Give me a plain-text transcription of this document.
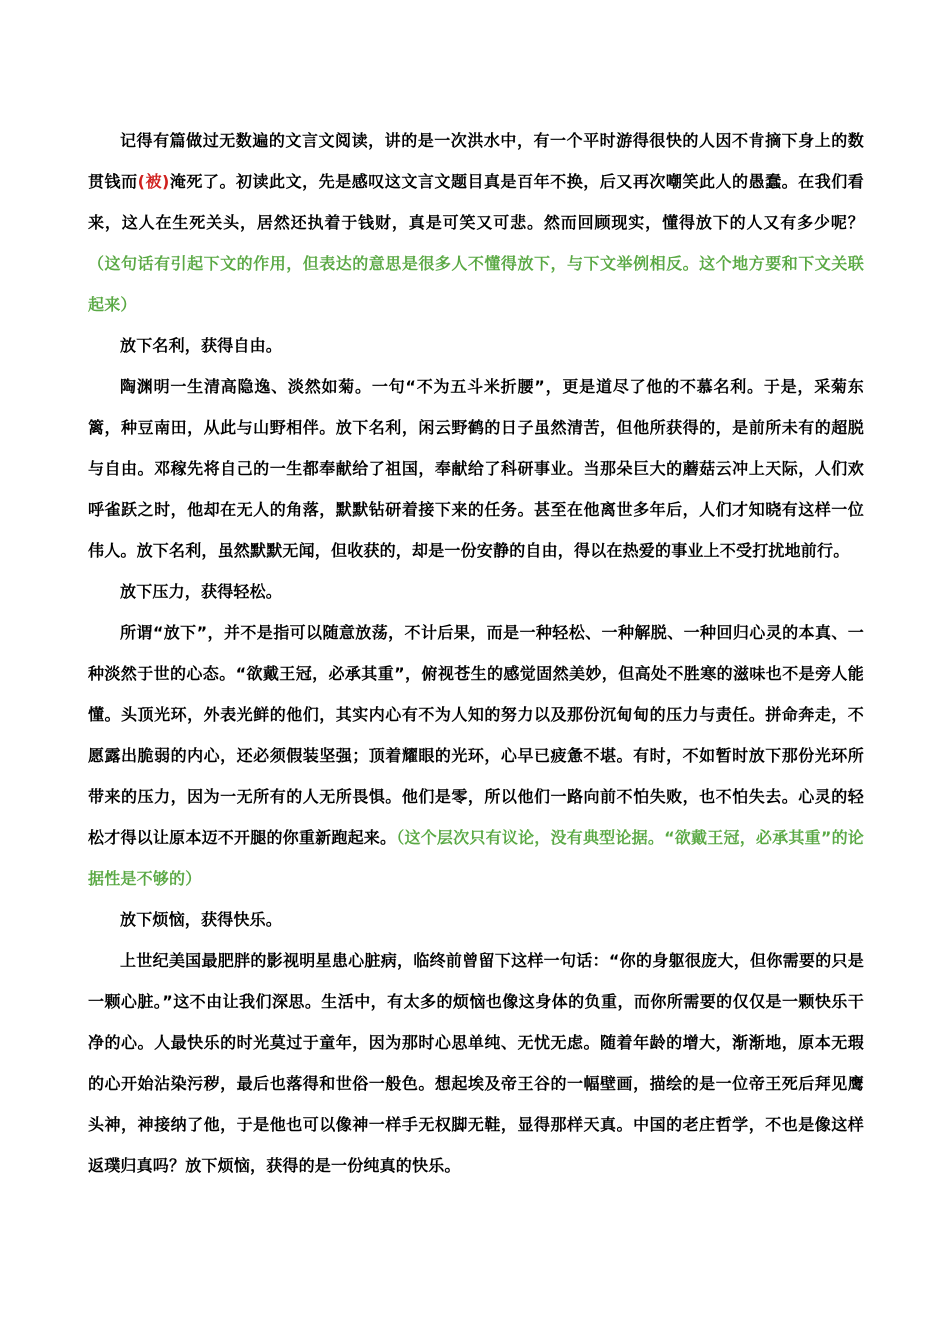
记得有篇做过无数遍的文言文阅读，讲的是一次洪水中，有一个平时游得很快的人因不肯摘下身上的数贯钱而(被)淹死了。初读此文，先是感叹这文言文题目真是百年不换，后又再次嘲笑此人的愚蠢。在我们看来，这人在生死关头，居然还执着于钱财，真是可笑又可悲。然而回顾现实，懂得放下的人又有多少呢？（这句话有引起下文的作用，但表达的意思是很多人不懂得放下，与下文举例相反。这个地方要和下文关联起来）

放下名利，获得自由。

陶渊明一生清高隐逸、淡然如菊。一句“不为五斗米折腰”，更是道尽了他的不慕名利。于是，采菊东篱，种豆南田，从此与山野相伴。放下名利，闲云野鹤的日子虽然清苦，但他所获得的，是前所未有的超脱与自由。邓稼先将自己的一生都奉献给了祖国，奉献给了科研事业。当那朵巨大的蘑菇云冲上天际，人们欢呼雀跃之时，他却在无人的角落，默默钻研着接下来的任务。甚至在他离世多年后，人们才知晓有这样一位伟人。放下名利，虽然默默无闻，但收获的，却是一份安静的自由，得以在热爱的事业上不受打扰地前行。

放下压力，获得轻松。

所谓“放下”，并不是指可以随意放荡，不计后果，而是一种轻松、一种解脱、一种回归心灵的本真、一种淡然于世的心态。“欲戴王冠，必承其重”，俯视苍生的感觉固然美妙，但高处不胜寒的滋味也不是旁人能懂。头顶光环，外表光鲜的他们，其实内心有不为人知的努力以及那份沉甸甸的压力与责任。拼命奔走，不愿露出脆弱的内心，还必须假装坚强；顶着耀眼的光环，心早已疲惫不堪。有时，不如暂时放下那份光环所带来的压力，因为一无所有的人无所畏惧。他们是零，所以他们一路向前不怕失败，也不怕失去。心灵的轻松才得以让原本迈不开腿的你重新跑起来。（这个层次只有议论，没有典型论据。“欲戴王冠，必承其重”的论据性是不够的）

放下烦恼，获得快乐。

上世纪美国最肥胖的影视明星患心脏病，临终前曾留下这样一句话：“你的身躯很庞大，但你需要的只是一颗心脏。”这不由让我们深思。生活中，有太多的烦恼也像这身体的负重，而你所需要的仅仅是一颗快乐干净的心。人最快乐的时光莫过于童年，因为那时心思单纯、无忧无虑。随着年龄的增大，渐渐地，原本无瑕的心开始沾染污秽，最后也落得和世俗一般色。想起埃及帝王谷的一幅壁画，描绘的是一位帝王死后拜见鹰头神，神接纳了他，于是他也可以像神一样手无权脚无鞋，显得那样天真。中国的老庄哲学，不也是像这样返璞归真吗？放下烦恼，获得的是一份纯真的快乐。
